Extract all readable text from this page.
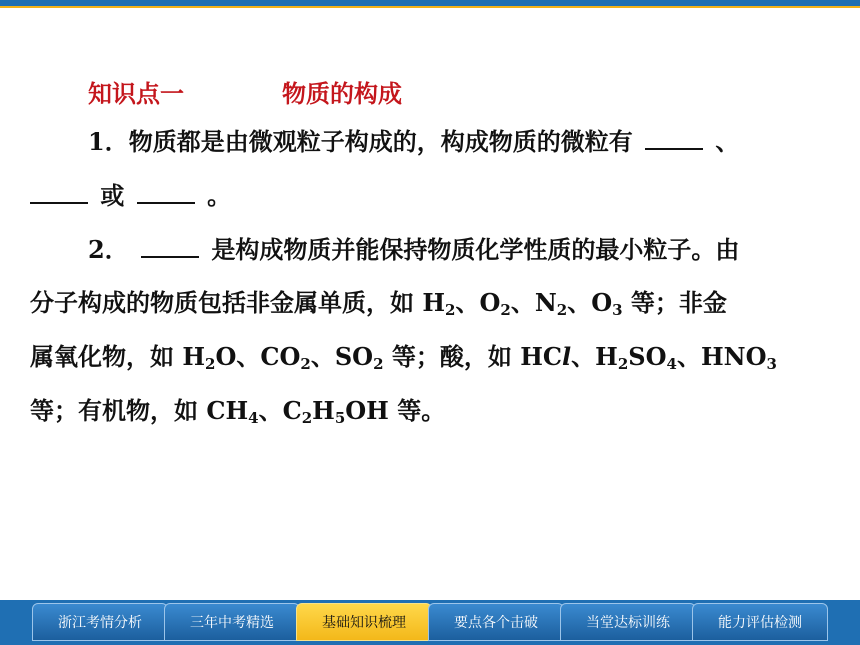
知识点一	物质的构成
1．物质都是由微观粒子构成的，构成物质的微粒有	、
或	。
2．	是构成物质并能保持物质化学性质的最小粒子。由
分子构成的物质包括非金属单质，如 $H_2$、$O_2$、$N_2$、$O_3$ 等；非金
属氧化物，如 $H_2O$、$CO_2$、$SO_2$ 等；酸，如 HCl、$H_2SO_4$、$HNO_3$
等；有机物，如 $CH_4$、$C_2H_5OH$ 等。
浙江考情分析	三年中考精选	基础知识梳理	要点各个击破	当堂达标训练	能力评估检测
